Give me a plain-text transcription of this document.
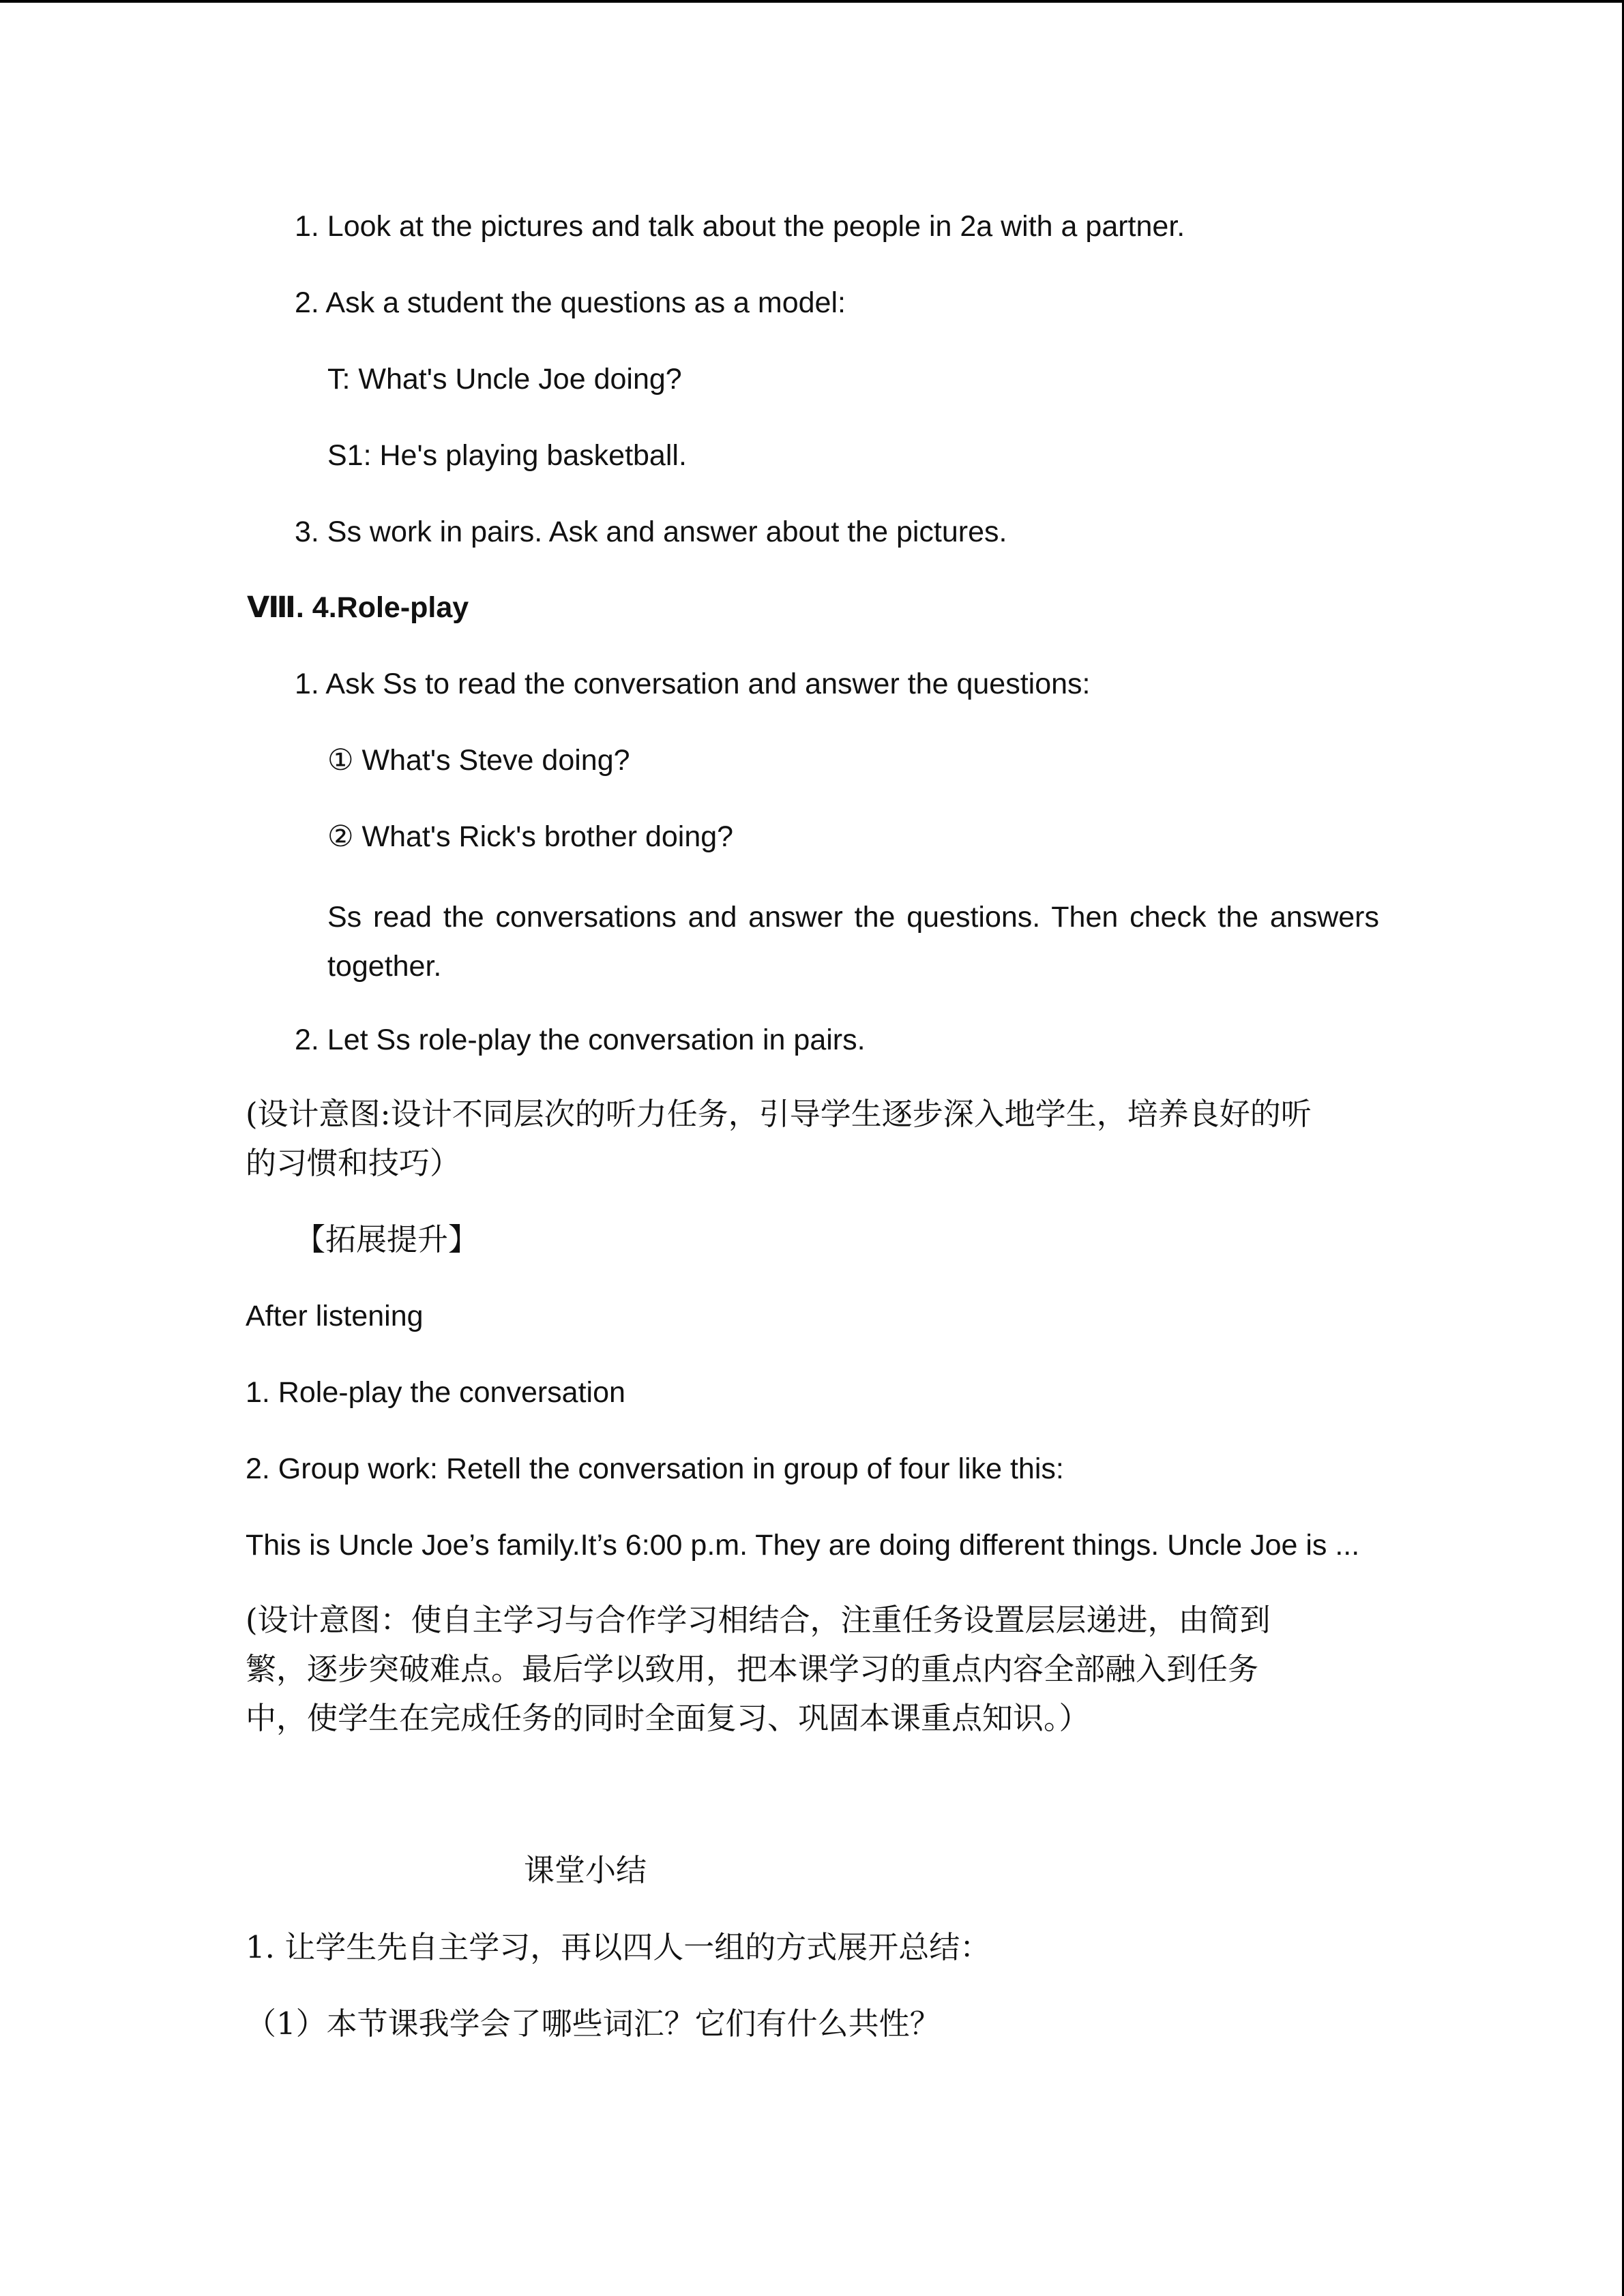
1. Look at the pictures and talk about the people in 2a with a partner.
2. Ask a student the questions as a model:
T: What's Uncle Joe doing?
S1: He's playing basketball.
3. Ss work in pairs. Ask and answer about the pictures.
Ⅷ. 4.Role-play
1. Ask Ss to read the conversation and answer the questions:
① What's Steve doing?
② What's Rick's brother doing?
Ss read the conversations and answer the questions. Then check the answers together.
2. Let Ss role-play the conversation in pairs.
(设计意图:设计不同层次的听力任务，引导学生逐步深入地学生，培养良好的听
的习惯和技巧）
【拓展提升】
After listening
1. Role-play the conversation
2. Group work: Retell the conversation in group of four like this:
This is Uncle Joe’s family.It’s 6:00 p.m. They are doing different things. Uncle Joe is ...
(设计意图：使自主学习与合作学习相结合，注重任务设置层层递进，由简到
繁，逐步突破难点。最后学以致用，把本课学习的重点内容全部融入到任务
中，使学生在完成任务的同时全面复习、巩固本课重点知识。）
课堂小结
1. 让学生先自主学习，再以四人一组的方式展开总结：
（1）本节课我学会了哪些词汇？它们有什么共性？
